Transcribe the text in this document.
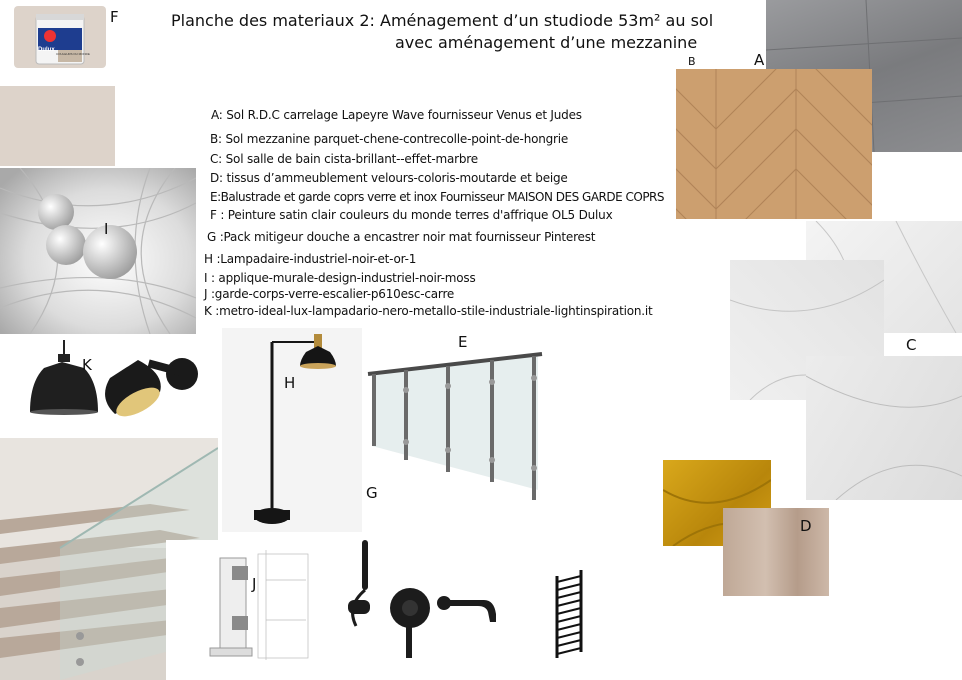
Planche des materiaux 2: Aménagement d’un studiode 53m² au sol
avec aménagement d’une mezzanine
A: Sol R.D.C carrelage Lapeyre Wave fournisseur Venus et Judes
B: Sol mezzanine parquet-chene-contrecolle-point-de-hongrie
C: Sol salle de bain cista-brillant--effet-marbre
D: tissus d’ammeublement velours-coloris-moutarde et beige
E:Balustrade et garde coprs verre et inox Fournisseur MAISON DES GARDE COPRS
F : Peinture satin clair couleurs du monde terres d'affrique OL5 Dulux
G :Pack mitigeur douche a encastrer noir mat fournisseur Pinterest
H :Lampadaire-industriel-noir-et-or-1
I : applique-murale-design-industriel-noir-moss
J :garde-corps-verre-escalier-p610esc-carre
K :metro-ideal-lux-lampadario-nero-metallo-stile-industriale-lightinspiration.it
Dulux
COULEURS DU MONDE
F
I
K
H
E
G
J
A
B
C
D
